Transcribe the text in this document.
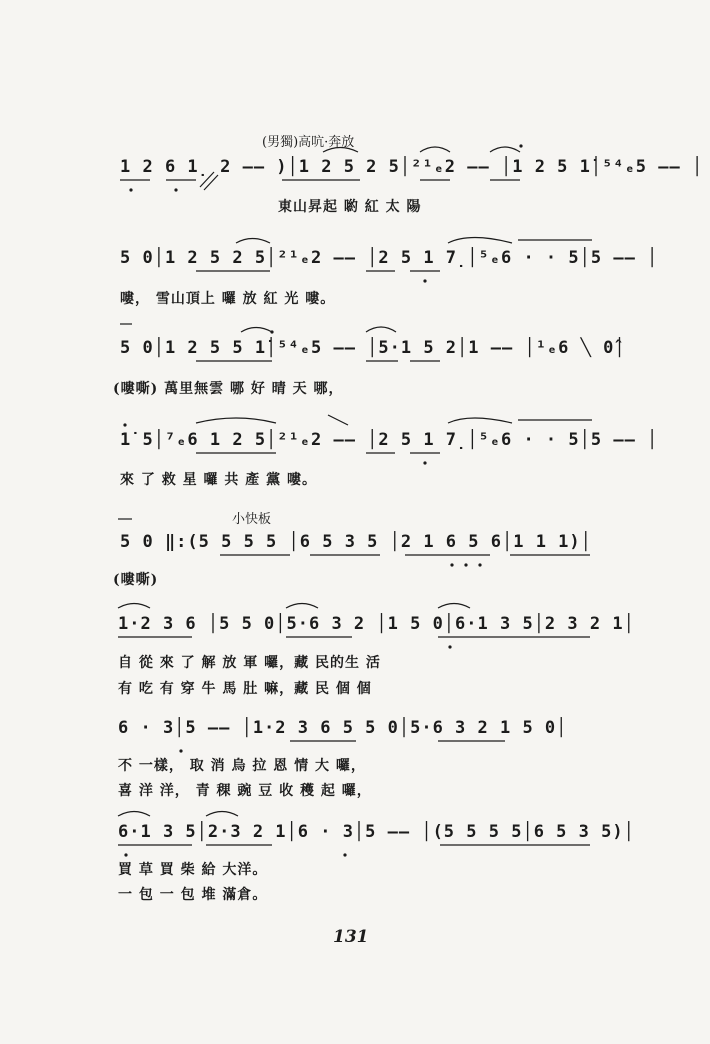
(男獨)高吭·奔放
1 2 6 1̣ 2 —— )│1 2 5 2 5│²¹ₑ2 —— │1 2 5 1̇│⁵⁴ₑ5 —— │
東山昇起 喲 紅 太 陽
5 0│1 2 5 2 5│²¹ₑ2 —— │2 5 1 7̣│⁵ₑ6 · · 5│5 —— │
嘍， 雪山頂上 囉 放 紅 光 嘍。
5 0│1 2 5 5 1̇│⁵⁴ₑ5 —— │5·1 5 2│1 —— │¹ₑ6 ╲ 0̂│
(嘍嘶) 萬里無雲 哪 好 晴 天 哪，
1̇ 5│⁷ₑ6 1 2 5│²¹ₑ2 —— │2 5 1 7̣│⁵ₑ6 · · 5│5 —— │
來 了 救 星 囉 共 產 黨 嘍。
小快板
5 0 ‖:(5 5 5 5 │6 5 3 5 │2 1 6 5 6│1 1 1)│
(嘍嘶)
1·2 3 6 │5 5 0│5·6 3 2 │1 5 0│6·1 3 5│2 3 2 1│
自 從 來 了 解 放 軍 囉，藏 民的生 活
有 吃 有 穿 牛 馬 肚 嘛，藏 民 個 個
6 · 3│5 —— │1·2 3 6 5 5 0│5·6 3 2 1 5 0│
不 一樣， 取 消 烏 拉 恩 情 大 囉，
喜 洋 洋， 青 稞 豌 豆 收 穫 起 囉，
6·1 3 5│2·3 2 1│6 · 3│5 —— │(5 5 5 5│6 5 3 5)│
買 草 買 柴 給 大洋。
一 包 一 包 堆 滿倉。
131
